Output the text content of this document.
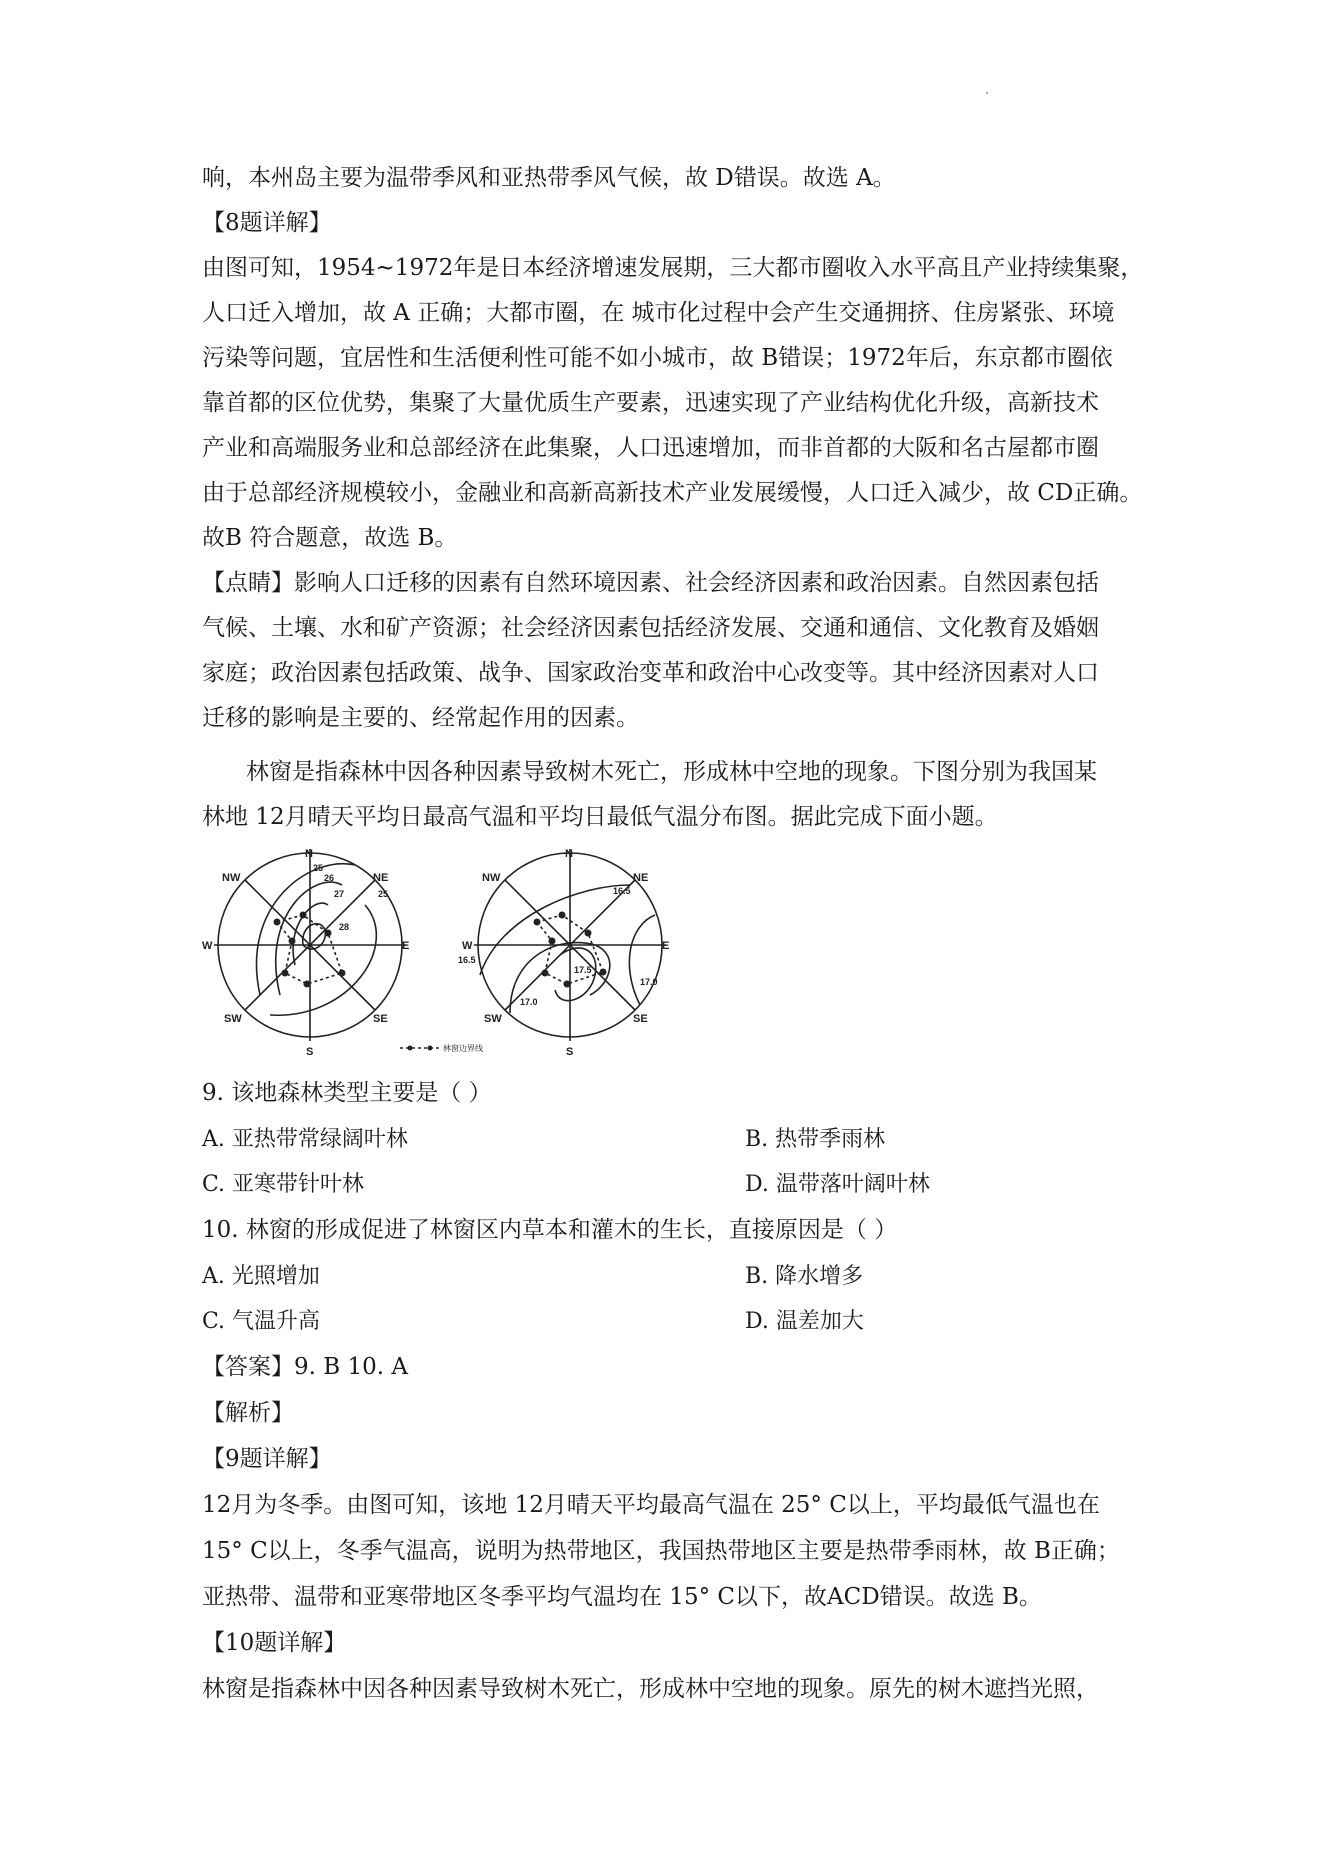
响，本州岛主要为温带季风和亚热带季风气候，故 D错误。故选 A。
【8题详解】
由图可知，1954~1972年是日本经济增速发展期，三大都市圈收入水平高且产业持续集聚，
人口迁入增加，故 A 正确；大都市圈，在 城市化过程中会产生交通拥挤、住房紧张、环境
污染等问题，宜居性和生活便利性可能不如小城市，故 B错误；1972年后，东京都市圈依
靠首都的区位优势，集聚了大量优质生产要素，迅速实现了产业结构优化升级，高新技术
产业和高端服务业和总部经济在此集聚，人口迅速增加，而非首都的大阪和名古屋都市圈
由于总部经济规模较小，金融业和高新高新技术产业发展缓慢，人口迁入减少，故 CD正确。
故B 符合题意，故选 B。
【点睛】影响人口迁移的因素有自然环境因素、社会经济因素和政治因素。自然因素包括
气候、土壤、水和矿产资源；社会经济因素包括经济发展、交通和通信、文化教育及婚姻
家庭；政治因素包括政策、战争、国家政治变革和政治中心改变等。其中经济因素对人口
迁移的影响是主要的、经常起作用的因素。
林窗是指森林中因各种因素导致树木死亡，形成林中空地的现象。下图分别为我国某
林地 12月晴天平均日最高气温和平均日最低气温分布图。据此完成下面小题。
N
NE
E
SE
S
SW
W
NW
25
26
27
28
25
N
NE
E
SE
S
SW
W
NW
16.5
16.5
17.5
17.0
17.0
林窗边界线
9. 该地森林类型主要是（ ）
A. 亚热带常绿阔叶林	B. 热带季雨林
C. 亚寒带针叶林	D. 温带落叶阔叶林
10. 林窗的形成促进了林窗区内草本和灌木的生长，直接原因是（ ）
A. 光照增加	B. 降水增多
C. 气温升高	D. 温差加大
【答案】9. B 10. A
【解析】
【9题详解】
12月为冬季。由图可知，该地 12月晴天平均最高气温在 25° C以上，平均最低气温也在
15° C以上，冬季气温高，说明为热带地区，我国热带地区主要是热带季雨林，故 B正确；
亚热带、温带和亚寒带地区冬季平均气温均在 15° C以下，故ACD错误。故选 B。
【10题详解】
林窗是指森林中因各种因素导致树木死亡，形成林中空地的现象。原先的树木遮挡光照，
